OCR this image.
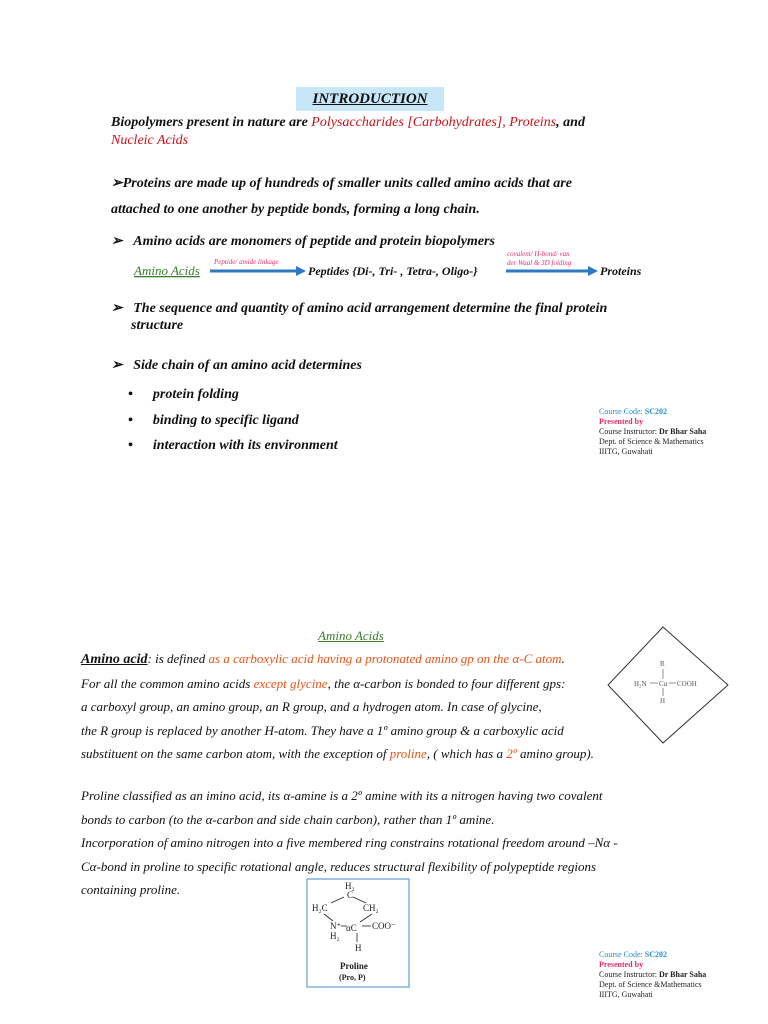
INTRODUCTION
Biopolymers present in nature are Polysaccharides [Carbohydrates], Proteins, and
Nucleic Acids
➢Proteins are made up of hundreds of smaller units called amino acids that are
attached to one another by peptide bonds, forming a long chain.
➢ Amino acids are monomers of peptide and protein biopolymers
Amino Acids
Peptide/ amide linkage
Peptides {Di-, Tri- , Tetra-, Oligo-}
covalent/ H-bond/ van
der Waal & 3D folding
Proteins
➢ The sequence and quantity of amino acid arrangement determine the final protein
structure
➢ Side chain of an amino acid determines
• protein folding
• binding to specific ligand
• interaction with its environment
Course Code: SC202
Presented by
Course Instructor: Dr Bhar Saha
Dept. of Science & Mathematics
IIITG, Guwahati
Amino Acids
Amino acid: is defined as a carboxylic acid having a protonated amino gp on the α-C atom.
For all the common amino acids except glycine, the α-carbon is bonded to four different gps:
a carboxyl group, an amino group, an R group, and a hydrogen atom. In case of glycine,
the R group is replaced by another H-atom. They have a 1º amino group & a carboxylic acid
substituent on the same carbon atom, with the exception of proline, ( which has a 2º amino group).
R
H₂N Cα COOH
H
Proline classified as an imino acid, its α-amine is a 2º amine with its a nitrogen having two covalent
bonds to carbon (to the α-carbon and side chain carbon), rather than 1º amine.
Incorporation of amino nitrogen into a five membered ring constrains rotational freedom around –Nα -
Cα-bond in proline to specific rotational angle, reduces structural flexibility of polypeptide regions
containing proline.	H₂
C
H₂C	CH₂
N⁺ αC COO⁻
H₂
H
Proline
(Pro, P)
Course Code: SC202
Presented by
Course Instructor: Dr Bhar Saha
Dept. of Science &Mathematics
IIITG, Guwahati
